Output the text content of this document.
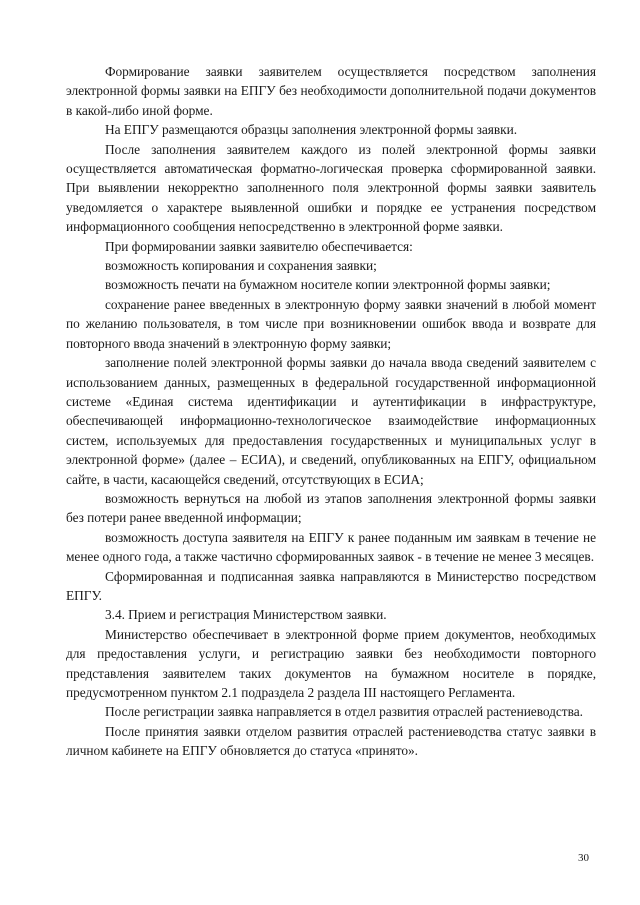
Формирование заявки заявителем осуществляется посредством заполнения электронной формы заявки на ЕПГУ без необходимости дополнительной подачи документов в какой-либо иной форме.

На ЕПГУ размещаются образцы заполнения электронной формы заявки.

После заполнения заявителем каждого из полей электронной формы заявки осуществляется автоматическая форматно-логическая проверка сформированной заявки. При выявлении некорректно заполненного поля электронной формы заявки заявитель уведомляется о характере выявленной ошибки и порядке ее устранения посредством информационного сообщения непосредственно в электронной форме заявки.

При формировании заявки заявителю обеспечивается:

возможность копирования и сохранения заявки;

возможность печати на бумажном носителе копии электронной формы заявки;

сохранение ранее введенных в электронную форму заявки значений в любой момент по желанию пользователя, в том числе при возникновении ошибок ввода и возврате для повторного ввода значений в электронную форму заявки;

заполнение полей электронной формы заявки до начала ввода сведений заявителем с использованием данных, размещенных в федеральной государственной информационной системе «Единая система идентификации и аутентификации в инфраструктуре, обеспечивающей информационно-технологическое взаимодействие информационных систем, используемых для предоставления государственных и муниципальных услуг в электронной форме» (далее – ЕСИА), и сведений, опубликованных на ЕПГУ, официальном сайте, в части, касающейся сведений, отсутствующих в ЕСИА;

возможность вернуться на любой из этапов заполнения электронной формы заявки без потери ранее введенной информации;

возможность доступа заявителя на ЕПГУ к ранее поданным им заявкам в течение не менее одного года, а также частично сформированных заявок - в течение не менее 3 месяцев.

Сформированная и подписанная заявка направляются в Министерство посредством ЕПГУ.

3.4. Прием и регистрация Министерством заявки.

Министерство обеспечивает в электронной форме прием документов, необходимых для предоставления услуги, и регистрацию заявки без необходимости повторного представления заявителем таких документов на бумажном носителе в порядке, предусмотренном пунктом 2.1 подраздела 2 раздела III настоящего Регламента.

После регистрации заявка направляется в отдел развития отраслей растениеводства.

После принятия заявки отделом развития отраслей растениеводства статус заявки в личном кабинете на ЕПГУ обновляется до статуса «принято».

30
